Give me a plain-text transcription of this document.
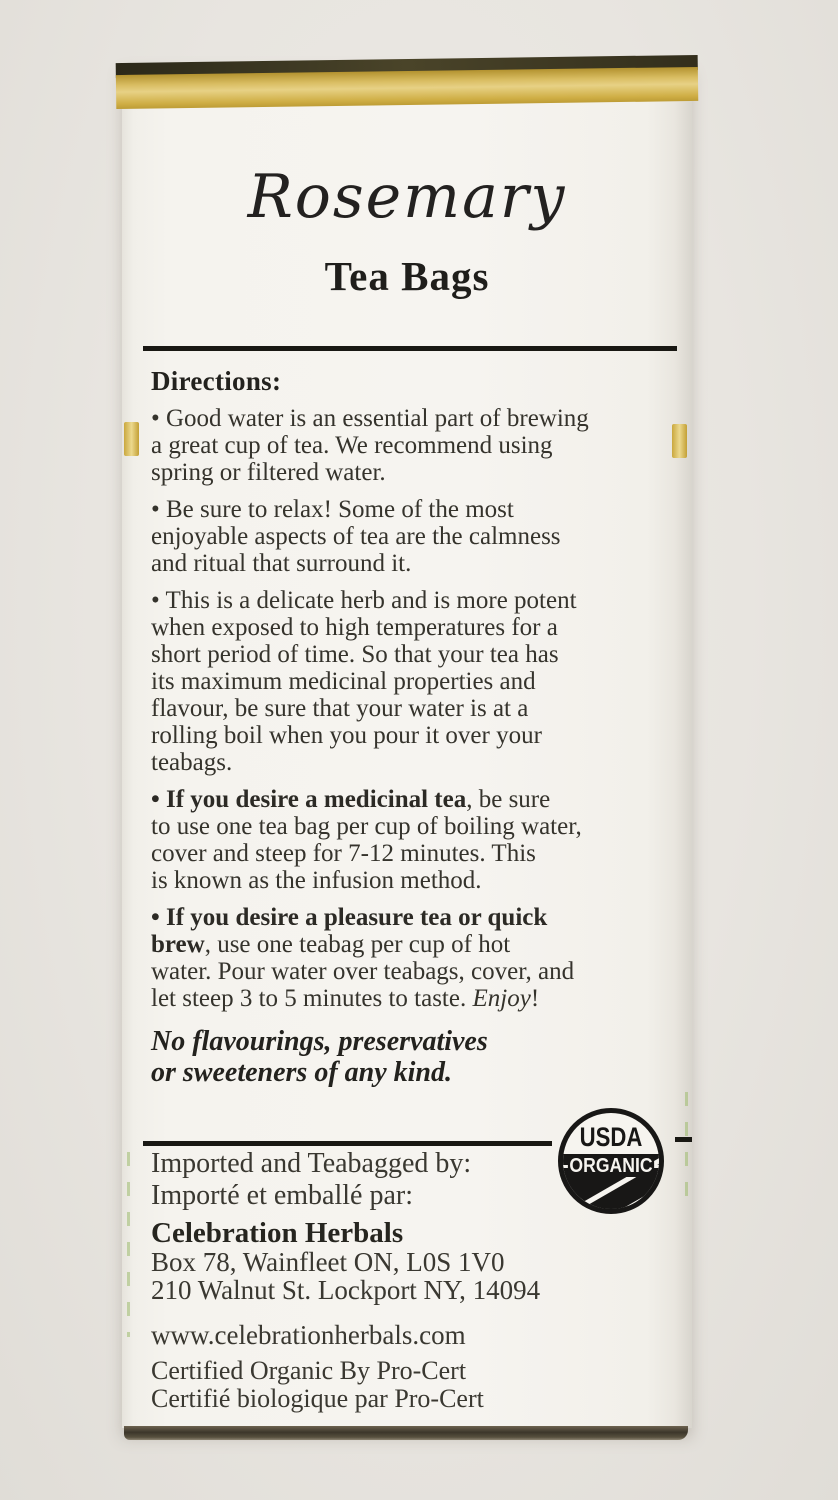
Rosemary
Tea Bags
Directions:
• Good water is an essential part of brewing
a great cup of tea. We recommend using
spring or filtered water.
• Be sure to relax! Some of the most
enjoyable aspects of tea are the calmness
and ritual that surround it.
• This is a delicate herb and is more potent
when exposed to high temperatures for a
short period of time. So that your tea has
its maximum medicinal properties and
flavour, be sure that your water is at a
rolling boil when you pour it over your
teabags.
• If you desire a medicinal tea, be sure
to use one tea bag per cup of boiling water,
cover and steep for 7-12 minutes. This
is known as the infusion method.
• If you desire a pleasure tea or quick
brew, use one teabag per cup of hot
water. Pour water over teabags, cover, and
let steep 3 to 5 minutes to taste. Enjoy!
No flavourings, preservatives
or sweeteners of any kind.
USDA
ORGANIC
Imported and Teabagged by:
Importé et emballé par:
Celebration Herbals
Box 78, Wainfleet ON, L0S 1V0
210 Walnut St. Lockport NY, 14094
www.celebrationherbals.com
Certified Organic By Pro-Cert
Certifié biologique par Pro-Cert
